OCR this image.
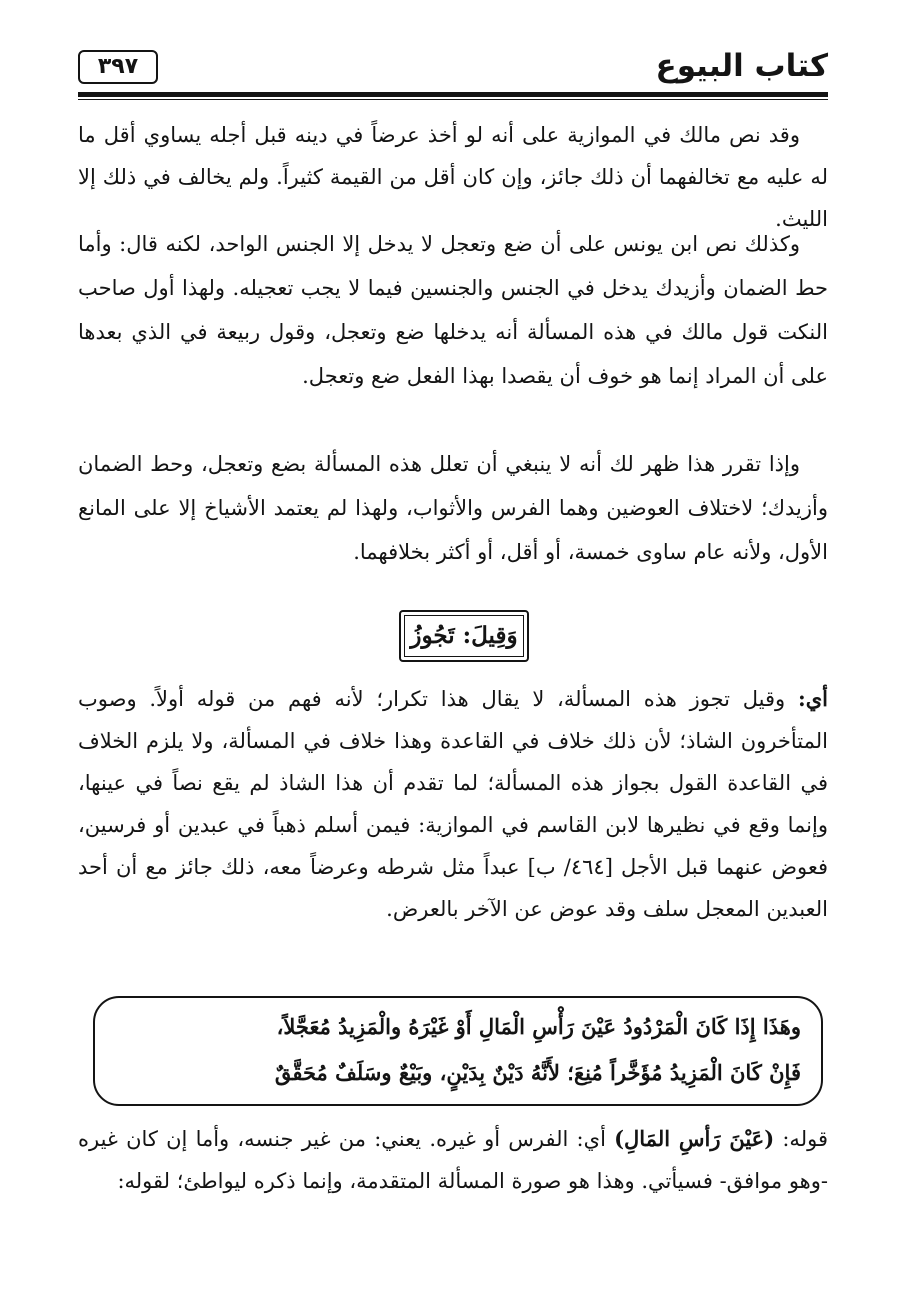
كتاب البيوع
٣٩٧

وقد نص مالك في الموازية على أنه لو أخذ عرضاً في دينه قبل أجله يساوي أقل ما له عليه مع تخالفهما أن ذلك جائز، وإن كان أقل من القيمة كثيراً. ولم يخالف في ذلك إلا الليث.

وكذلك نص ابن يونس على أن ضع وتعجل لا يدخل إلا الجنس الواحد، لكنه قال: وأما حط الضمان وأزيدك يدخل في الجنس والجنسين فيما لا يجب تعجيله. ولهذا أول صاحب النكت قول مالك في هذه المسألة أنه يدخلها ضع وتعجل، وقول ربيعة في الذي بعدها على أن المراد إنما هو خوف أن يقصدا بهذا الفعل ضع وتعجل.

وإذا تقرر هذا ظهر لك أنه لا ينبغي أن تعلل هذه المسألة بضع وتعجل، وحط الضمان وأزيدك؛ لاختلاف العوضين وهما الفرس والأثواب، ولهذا لم يعتمد الأشياخ إلا على المانع الأول، ولأنه عام ساوى خمسة، أو أقل، أو أكثر بخلافهما.

وَقِيلَ: تَجُوزُ

أي: وقيل تجوز هذه المسألة، لا يقال هذا تكرار؛ لأنه فهم من قوله أولاً. وصوب المتأخرون الشاذ؛ لأن ذلك خلاف في القاعدة وهذا خلاف في المسألة، ولا يلزم الخلاف في القاعدة القول بجواز هذه المسألة؛ لما تقدم أن هذا الشاذ لم يقع نصاً في عينها، وإنما وقع في نظيرها لابن القاسم في الموازية: فيمن أسلم ذهباً في عبدين أو فرسين، فعوض عنهما قبل الأجل [٤٦٤/ ب] عبداً مثل شرطه وعرضاً معه، ذلك جائز مع أن أحد العبدين المعجل سلف وقد عوض عن الآخر بالعرض.

وهَذَا إِذَا كَانَ الْمَرْدُودُ عَيْنَ رَأْسِ الْمَالِ أَوْ غَيْرَهُ والْمَزِيدُ مُعَجَّلاً،
فَإِنْ كَانَ الْمَزِيدُ مُؤَخَّراً مُنِعَ؛ لأَنَّهُ دَيْنٌ بِدَيْنٍ، وبَيْعٌ وسَلَفٌ مُحَقَّقٌ

قوله: (عَيْنَ رَأسِ المَالِ) أي: الفرس أو غيره. يعني: من غير جنسه، وأما إن كان غيره -وهو موافق- فسيأتي. وهذا هو صورة المسألة المتقدمة، وإنما ذكره ليواطئ؛ لقوله:
